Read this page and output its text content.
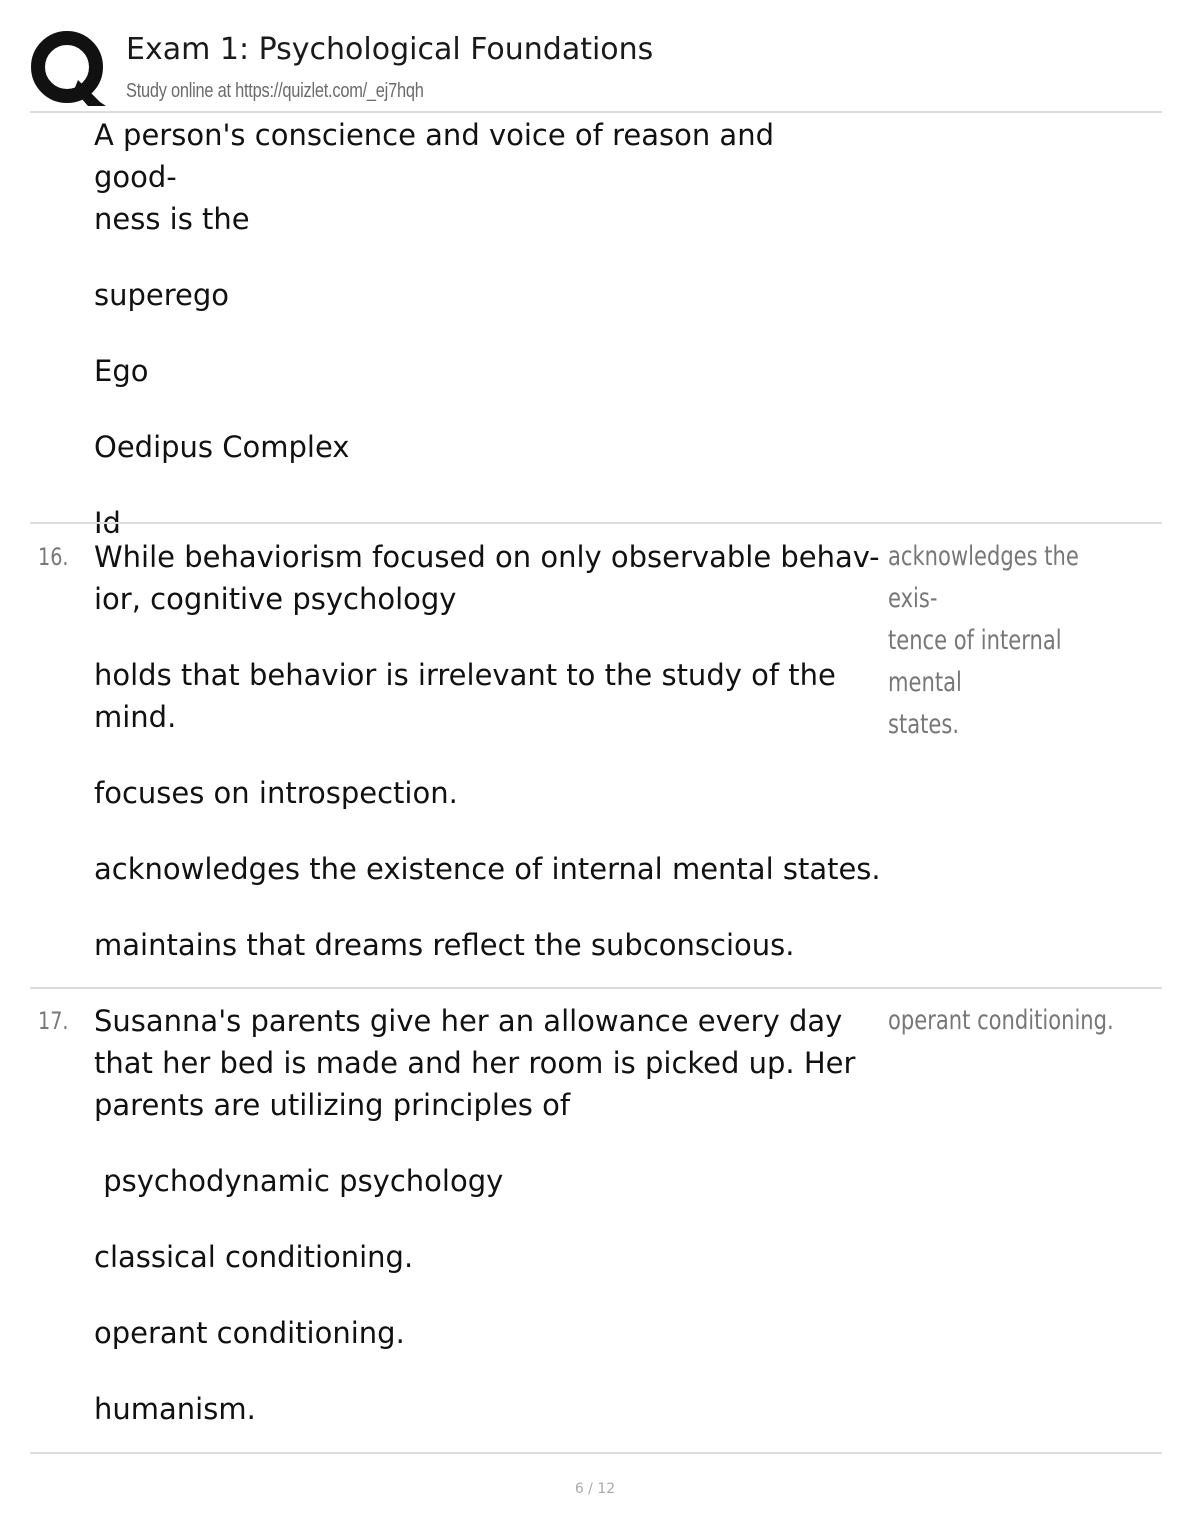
Exam 1: Psychological Foundations
Study online at https://quizlet.com/_ej7hqh
A person's conscience and voice of reason and good-
ness is the
superego
Ego
Oedipus Complex
Id
16. While behaviorism focused on only observable behav-
ior, cognitive psychology
holds that behavior is irrelevant to the study of the mind.
focuses on introspection.
acknowledges the existence of internal mental states.
maintains that dreams reflect the subconscious.
acknowledges the exis-
tence of internal mental
states.
17. Susanna's parents give her an allowance every day that her bed is made and her room is picked up. Her parents are utilizing principles of
psychodynamic psychology
classical conditioning.
operant conditioning.
humanism.
operant conditioning.
6 / 12
